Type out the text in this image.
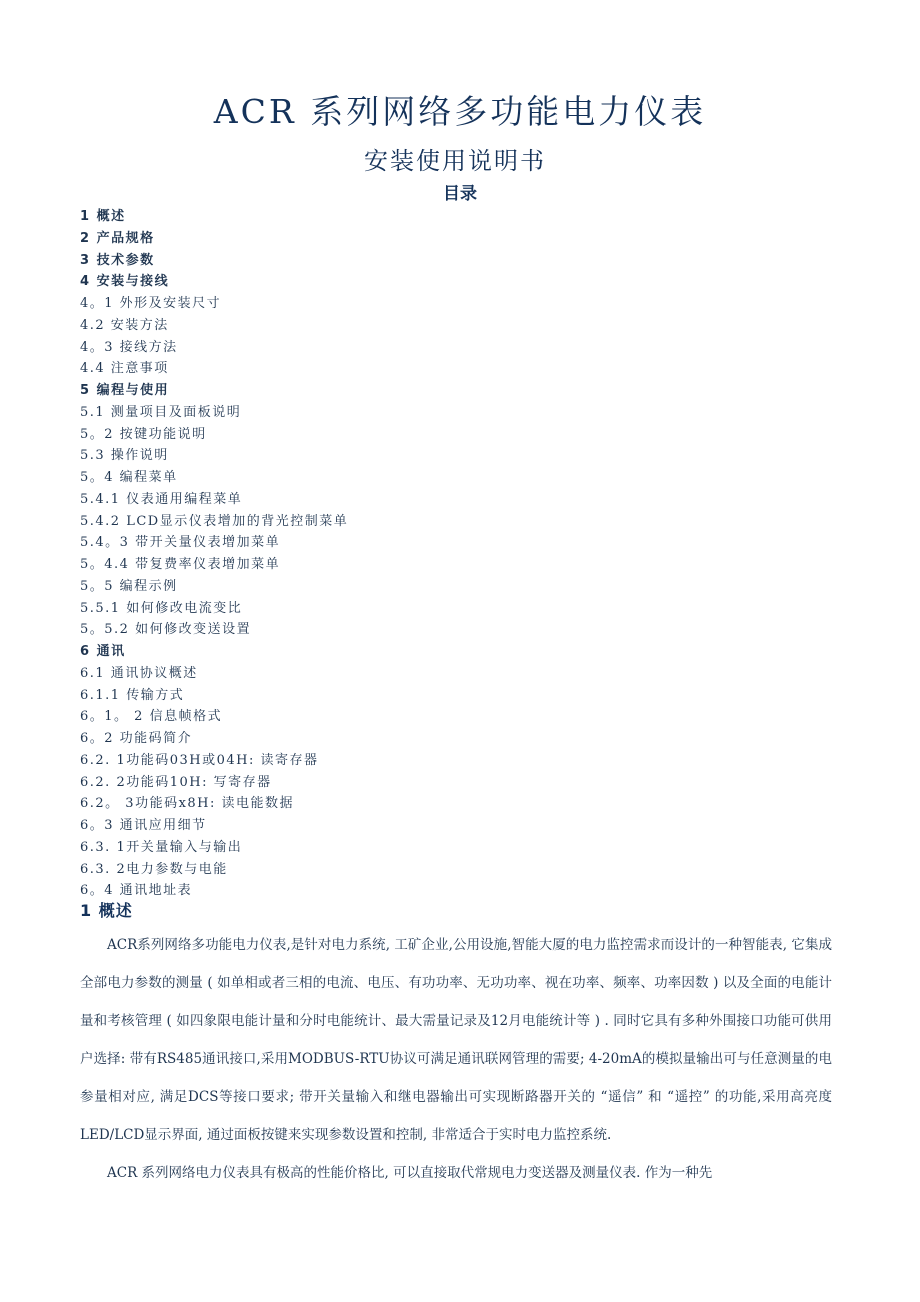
ACR 系列网络多功能电力仪表
安装使用说明书
目录
1 概述
2 产品规格
3 技术参数
4 安装与接线
4。1 外形及安装尺寸
4.2 安装方法
4。3 接线方法
4.4 注意事项
5 编程与使用
5.1 测量项目及面板说明
5。2 按键功能说明
5.3 操作说明
5。4 编程菜单
5.4.1 仪表通用编程菜单
5.4.2 LCD显示仪表增加的背光控制菜单
5.4。3 带开关量仪表增加菜单
5。4.4 带复费率仪表增加菜单
5。5 编程示例
5.5.1 如何修改电流变比
5。5.2 如何修改变送设置
6 通讯
6.1 通讯协议概述
6.1.1 传输方式
6。1。 2 信息帧格式
6。2 功能码简介
6.2. 1功能码03H或04H: 读寄存器
6.2. 2功能码10H: 写寄存器
6.2。 3功能码x8H: 读电能数据
6。3 通讯应用细节
6.3. 1开关量输入与输出
6.3. 2电力参数与电能
6。4 通讯地址表
1 概述

ACR系列网络多功能电力仪表,是针对电力系统, 工矿企业,公用设施,智能大厦的电力监控需求而设计的一种智能表, 它集成全部电力参数的测量 ( 如单相或者三相的电流、电压、有功功率、无功功率、视在功率、频率、功率因数 ) 以及全面的电能计量和考核管理 ( 如四象限电能计量和分时电能统计、最大需量记录及12月电能统计等 ) . 同时它具有多种外围接口功能可供用户选择: 带有RS485通讯接口,采用MODBUS-RTU协议可满足通讯联网管理的需要; 4-20mA的模拟量输出可与任意测量的电参量相对应, 满足DCS等接口要求; 带开关量输入和继电器输出可实现断路器开关的 “遥信” 和 “遥控” 的功能,采用高亮度LED/LCD显示界面, 通过面板按键来实现参数设置和控制, 非常适合于实时电力监控系统.

ACR 系列网络电力仪表具有极高的性能价格比, 可以直接取代常规电力变送器及测量仪表. 作为一种先
